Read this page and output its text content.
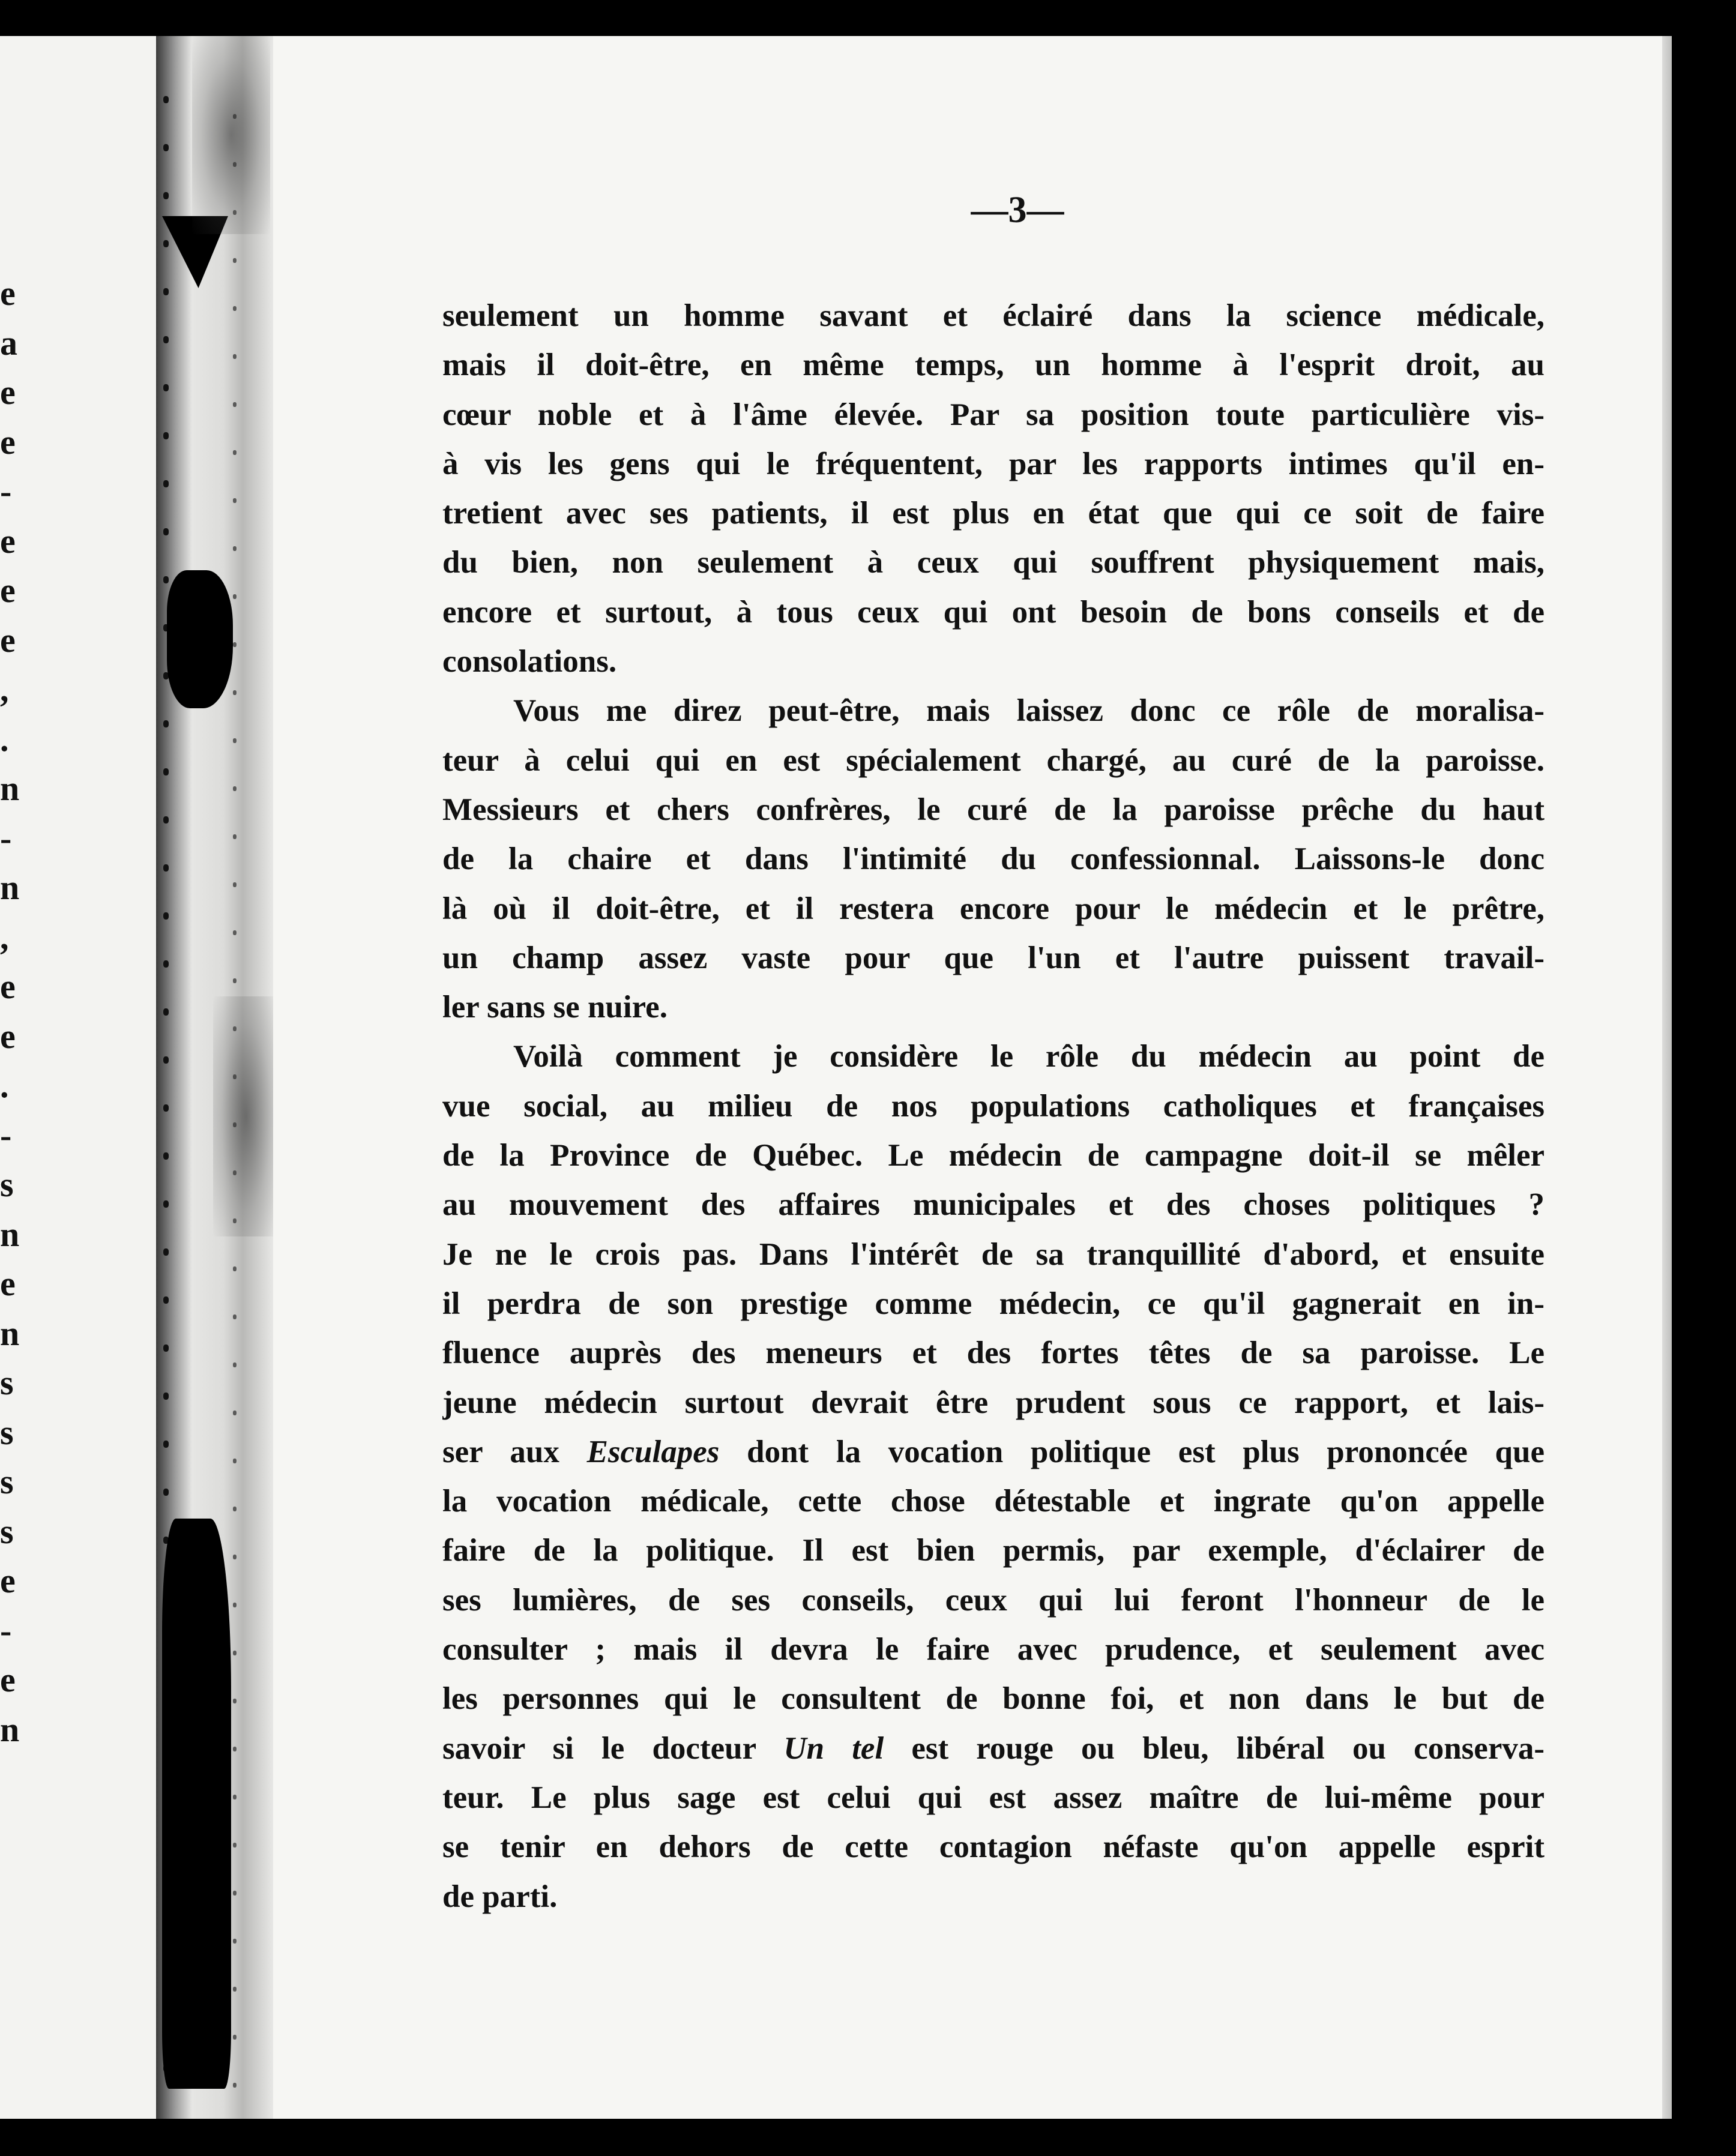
e
a
e
e
-
e
e
e
,
.
n
-
n
,
e
e
.
-
s
n
e
n
s
s
s
s
e
-
e
n

—3—

seulement un homme savant et éclairé dans la science médicale,
mais il doit-être, en même temps, un homme à l'esprit droit, au
cœur noble et à l'âme élevée. Par sa position toute particulière vis-
à vis les gens qui le fréquentent, par les rapports intimes qu'il en-
tretient avec ses patients, il est plus en état que qui ce soit de faire
du bien, non seulement à ceux qui souffrent physiquement mais,
encore et surtout, à tous ceux qui ont besoin de bons conseils et de
consolations.
Vous me direz peut-être, mais laissez donc ce rôle de moralisa-
teur à celui qui en est spécialement chargé, au curé de la paroisse.
Messieurs et chers confrères, le curé de la paroisse prêche du haut
de la chaire et dans l'intimité du confessionnal. Laissons-le donc
là où il doit-être, et il restera encore pour le médecin et le prêtre,
un champ assez vaste pour que l'un et l'autre puissent travail-
ler sans se nuire.
Voilà comment je considère le rôle du médecin au point de
vue social, au milieu de nos populations catholiques et françaises
de la Province de Québec. Le médecin de campagne doit-il se mêler
au mouvement des affaires municipales et des choses politiques ?
Je ne le crois pas. Dans l'intérêt de sa tranquillité d'abord, et ensuite
il perdra de son prestige comme médecin, ce qu'il gagnerait en in-
fluence auprès des meneurs et des fortes têtes de sa paroisse. Le
jeune médecin surtout devrait être prudent sous ce rapport, et lais-
ser aux Esculapes dont la vocation politique est plus prononcée que
la vocation médicale, cette chose détestable et ingrate qu'on appelle
faire de la politique. Il est bien permis, par exemple, d'éclairer de
ses lumières, de ses conseils, ceux qui lui feront l'honneur de le
consulter ; mais il devra le faire avec prudence, et seulement avec
les personnes qui le consultent de bonne foi, et non dans le but de
savoir si le docteur Un tel est rouge ou bleu, libéral ou conserva-
teur. Le plus sage est celui qui est assez maître de lui-même pour
se tenir en dehors de cette contagion néfaste qu'on appelle esprit
de parti.
